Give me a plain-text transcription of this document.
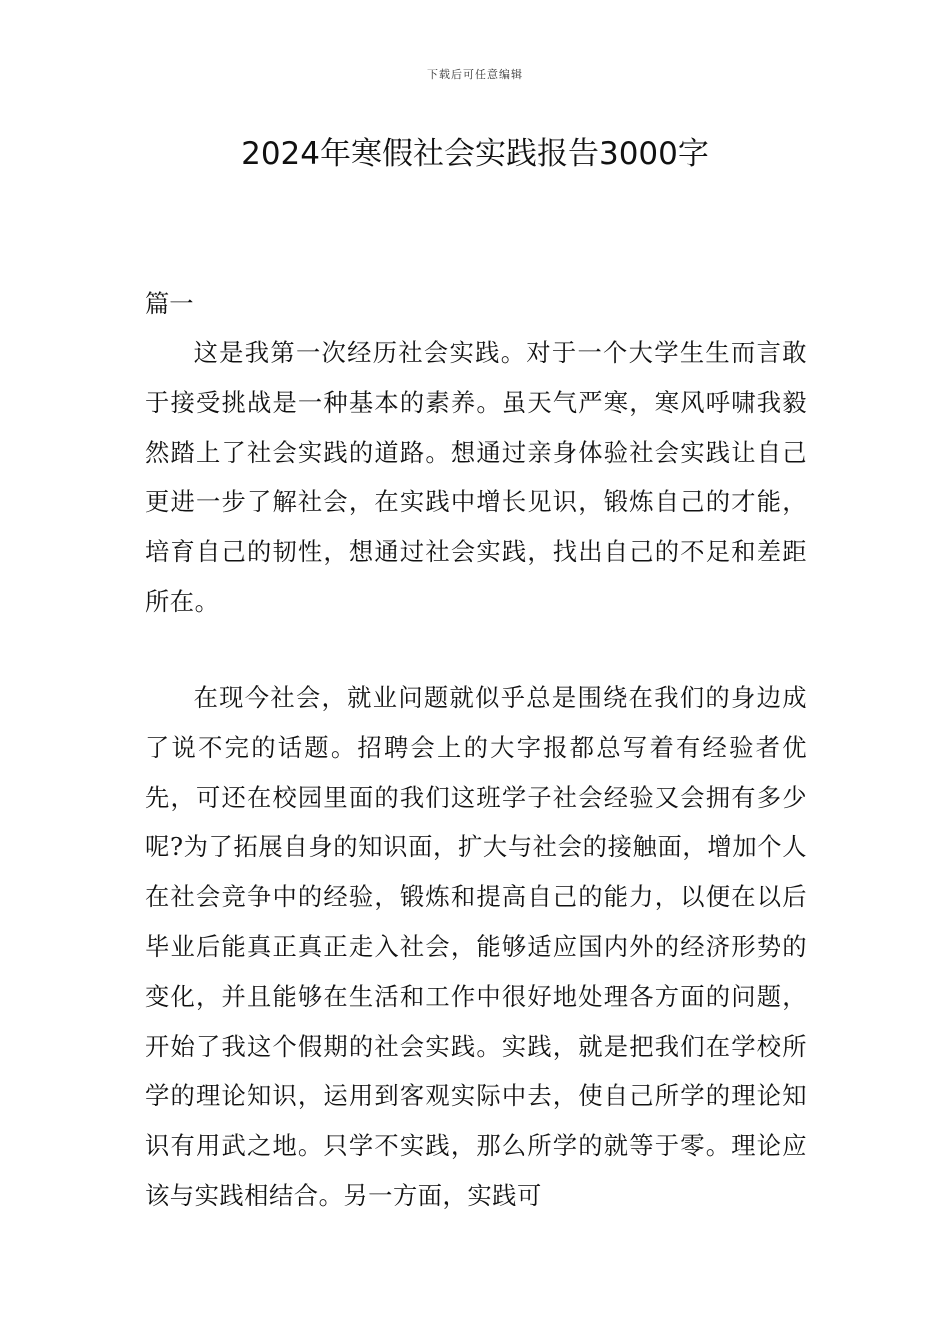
下载后可任意编辑
2024年寒假社会实践报告3000字
篇一

这是我第一次经历社会实践。对于一个大学生生而言敢于接受挑战是一种基本的素养。虽天气严寒，寒风呼啸我毅然踏上了社会实践的道路。想通过亲身体验社会实践让自己更进一步了解社会，在实践中增长见识，锻炼自己的才能，培育自己的韧性，想通过社会实践，找出自己的不足和差距所在。

在现今社会，就业问题就似乎总是围绕在我们的身边成了说不完的话题。招聘会上的大字报都总写着有经验者优先，可还在校园里面的我们这班学子社会经验又会拥有多少呢?为了拓展自身的知识面，扩大与社会的接触面，增加个人在社会竞争中的经验，锻炼和提高自己的能力，以便在以后毕业后能真正真正走入社会，能够适应国内外的经济形势的变化，并且能够在生活和工作中很好地处理各方面的问题，开始了我这个假期的社会实践。实践，就是把我们在学校所学的理论知识，运用到客观实际中去，使自己所学的理论知识有用武之地。只学不实践，那么所学的就等于零。理论应该与实践相结合。另一方面，实践可
